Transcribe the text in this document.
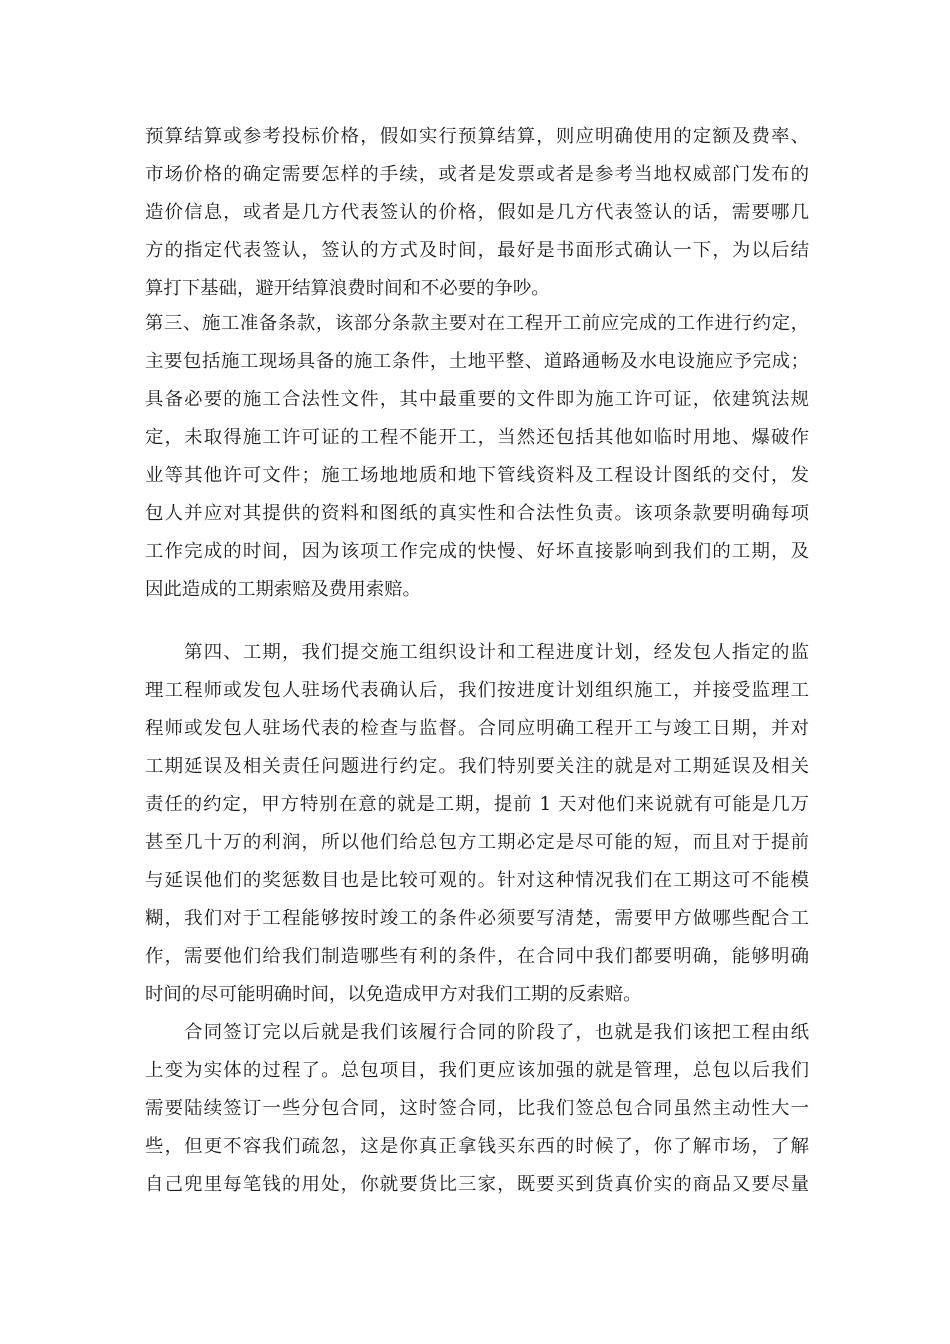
预算结算或参考投标价格，假如实行预算结算，则应明确使用的定额及费率、
市场价格的确定需要怎样的手续，或者是发票或者是参考当地权威部门发布的
造价信息，或者是几方代表签认的价格，假如是几方代表签认的话，需要哪几
方的指定代表签认，签认的方式及时间，最好是书面形式确认一下，为以后结
算打下基础，避开结算浪费时间和不必要的争吵。
第三、施工准备条款，该部分条款主要对在工程开工前应完成的工作进行约定，
主要包括施工现场具备的施工条件，土地平整、道路通畅及水电设施应予完成；
具备必要的施工合法性文件，其中最重要的文件即为施工许可证，依建筑法规
定，未取得施工许可证的工程不能开工，当然还包括其他如临时用地、爆破作
业等其他许可文件；施工场地地质和地下管线资料及工程设计图纸的交付，发
包人并应对其提供的资料和图纸的真实性和合法性负责。该项条款要明确每项
工作完成的时间，因为该项工作完成的快慢、好坏直接影响到我们的工期，及
因此造成的工期索赔及费用索赔。
　　第四、工期，我们提交施工组织设计和工程进度计划，经发包人指定的监
理工程师或发包人驻场代表确认后，我们按进度计划组织施工，并接受监理工
程师或发包人驻场代表的检查与监督。合同应明确工程开工与竣工日期，并对
工期延误及相关责任问题进行约定。我们特别要关注的就是对工期延误及相关
责任的约定，甲方特别在意的就是工期，提前 1 天对他们来说就有可能是几万
甚至几十万的利润，所以他们给总包方工期必定是尽可能的短，而且对于提前
与延误他们的奖惩数目也是比较可观的。针对这种情况我们在工期这可不能模
糊，我们对于工程能够按时竣工的条件必须要写清楚，需要甲方做哪些配合工
作，需要他们给我们制造哪些有利的条件，在合同中我们都要明确，能够明确
时间的尽可能明确时间，以免造成甲方对我们工期的反索赔。
　　合同签订完以后就是我们该履行合同的阶段了，也就是我们该把工程由纸
上变为实体的过程了。总包项目，我们更应该加强的就是管理，总包以后我们
需要陆续签订一些分包合同，这时签合同，比我们签总包合同虽然主动性大一
些，但更不容我们疏忽，这是你真正拿钱买东西的时候了，你了解市场，了解
自己兜里每笔钱的用处，你就要货比三家，既要买到货真价实的商品又要尽量
